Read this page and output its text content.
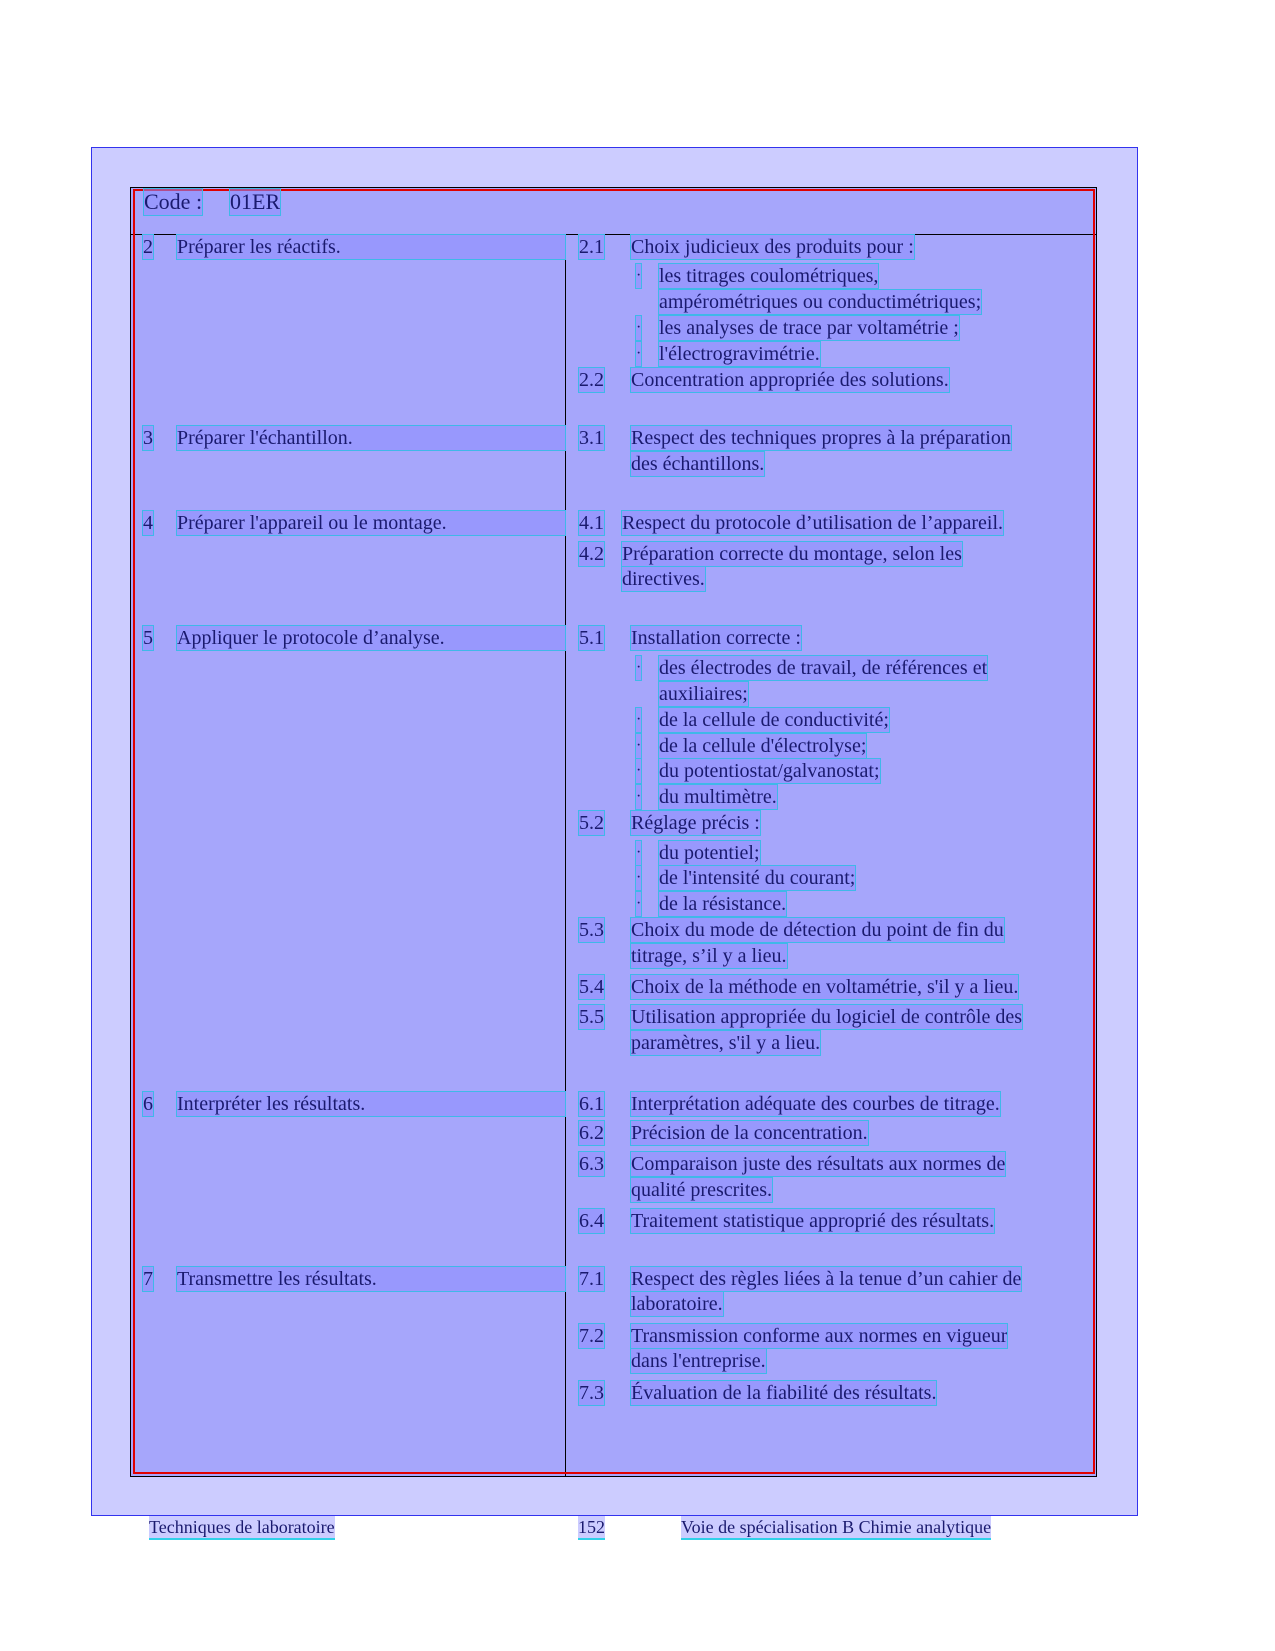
Code : 01ER
2 Préparer les réactifs.
3 Préparer l'échantillon.
4 Préparer l'appareil ou le montage.
5 Appliquer le protocole d’analyse.
6 Interpréter les résultats.
7 Transmettre les résultats.
2.1 Choix judicieux des produits pour :
· les titrages coulométriques,
ampérométriques ou conductimétriques;
· les analyses de trace par voltamétrie ;
· l'électrogravimétrie.
2.2 Concentration appropriée des solutions.
3.1 Respect des techniques propres à la préparation
des échantillons.
4.1 Respect du protocole d’utilisation de l’appareil.
4.2 Préparation correcte du montage, selon les
directives.
5.1 Installation correcte :
· des électrodes de travail, de références et
auxiliaires;
· de la cellule de conductivité;
· de la cellule d'électrolyse;
· du potentiostat/galvanostat;
· du multimètre.
5.2 Réglage précis :
· du potentiel;
· de l'intensité du courant;
· de la résistance.
5.3 Choix du mode de détection du point de fin du
titrage, s’il y a lieu.
5.4 Choix de la méthode en voltamétrie, s'il y a lieu.
5.5 Utilisation appropriée du logiciel de contrôle des
paramètres, s'il y a lieu.
6.1 Interprétation adéquate des courbes de titrage.
6.2 Précision de la concentration.
6.3 Comparaison juste des résultats aux normes de
qualité prescrites.
6.4 Traitement statistique approprié des résultats.
7.1 Respect des règles liées à la tenue d’un cahier de
laboratoire.
7.2 Transmission conforme aux normes en vigueur
dans l'entreprise.
7.3 Évaluation de la fiabilité des résultats.
Techniques de laboratoire	152	Voie de spécialisation B Chimie analytique
